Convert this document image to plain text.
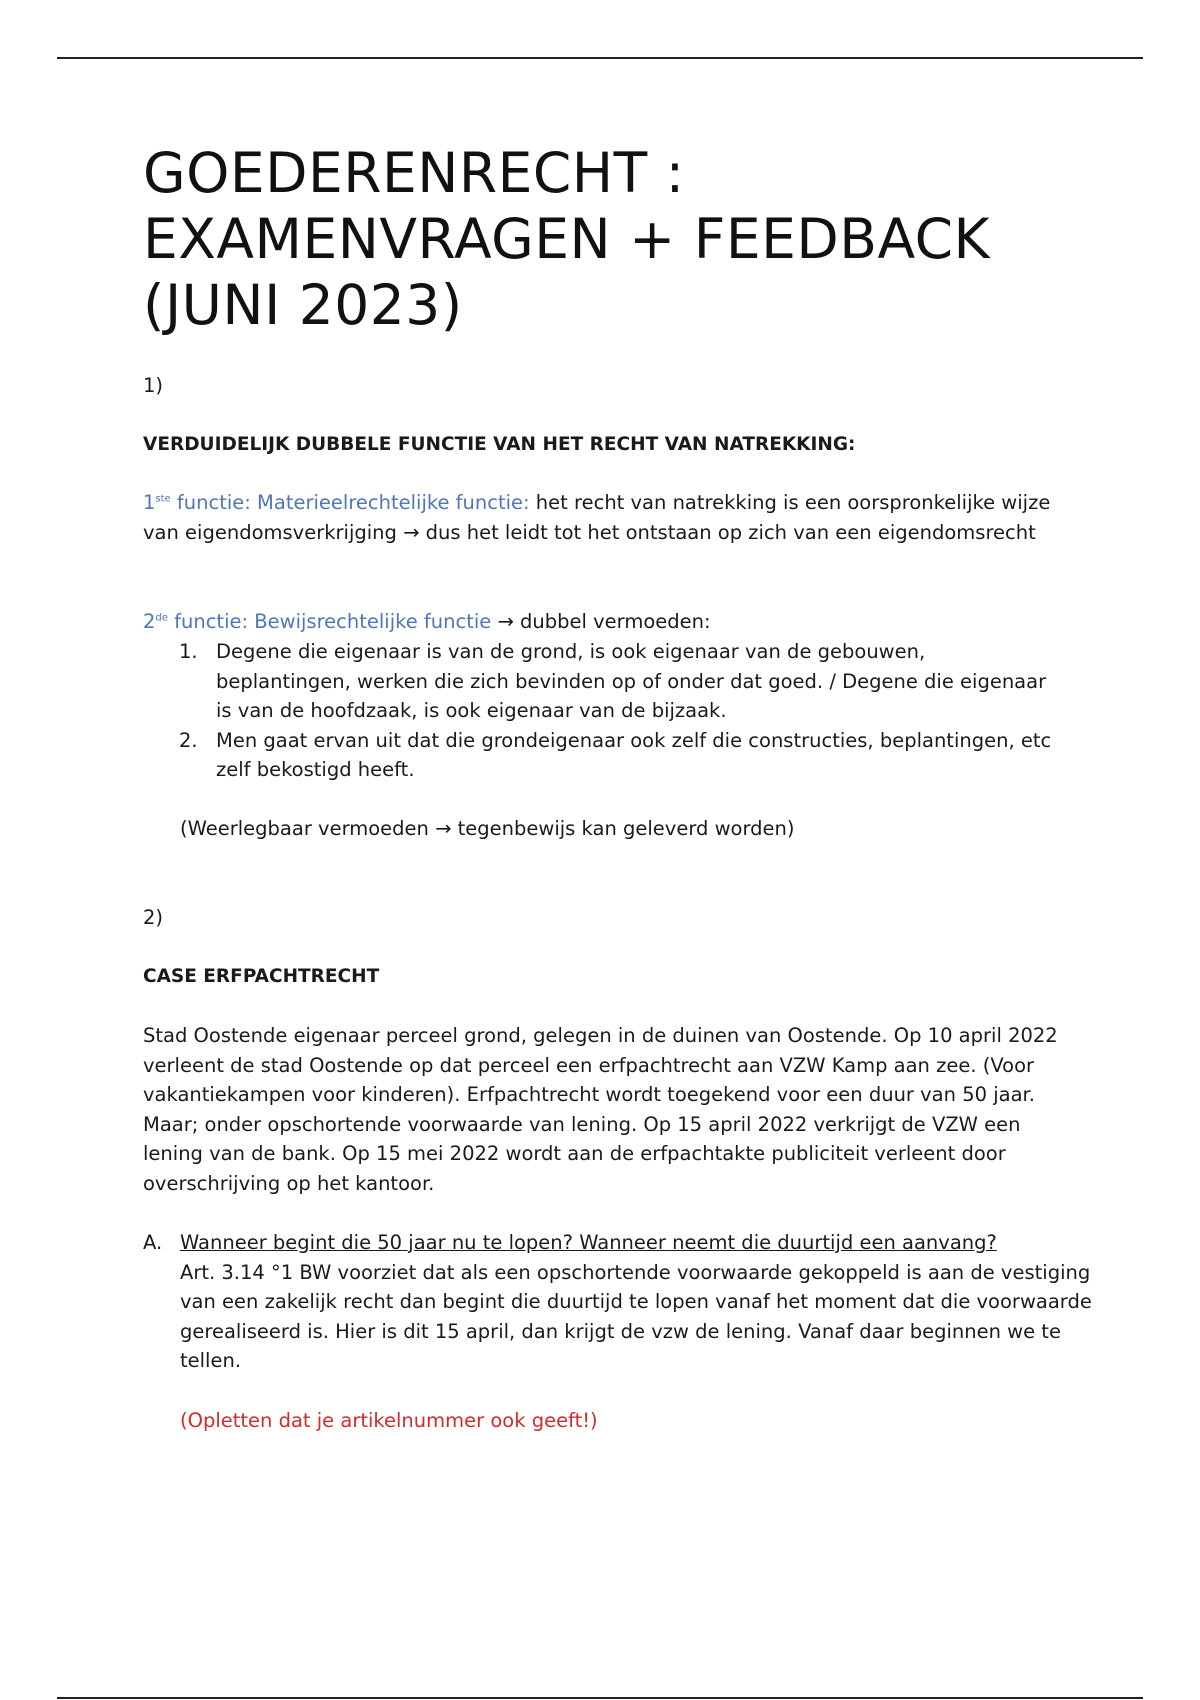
GOEDERENRECHT :
EXAMENVRAGEN + FEEDBACK
(JUNI 2023)

1)

VERDUIDELIJK DUBBELE FUNCTIE VAN HET RECHT VAN NATREKKING:

1ste functie: Materieelrechtelijke functie: het recht van natrekking is een oorspronkelijke wijze van eigendomsverkrijging → dus het leidt tot het ontstaan op zich van een eigendomsrecht

2de functie: Bewijsrechtelijke functie → dubbel vermoeden:

1. Degene die eigenaar is van de grond, is ook eigenaar van de gebouwen, beplantingen, werken die zich bevinden op of onder dat goed. / Degene die eigenaar is van de hoofdzaak, is ook eigenaar van de bijzaak.
2. Men gaat ervan uit dat die grondeigenaar ook zelf die constructies, beplantingen, etc zelf bekostigd heeft.

(Weerlegbaar vermoeden → tegenbewijs kan geleverd worden)

2)

CASE ERFPACHTRECHT

Stad Oostende eigenaar perceel grond, gelegen in de duinen van Oostende. Op 10 april 2022 verleent de stad Oostende op dat perceel een erfpachtrecht aan VZW Kamp aan zee. (Voor vakantiekampen voor kinderen). Erfpachtrecht wordt toegekend voor een duur van 50 jaar. Maar; onder opschortende voorwaarde van lening. Op 15 april 2022 verkrijgt de VZW een lening van de bank. Op 15 mei 2022 wordt aan de erfpachtakte publiciteit verleent door overschrijving op het kantoor.

A. Wanneer begint die 50 jaar nu te lopen? Wanneer neemt die duurtijd een aanvang?

Art. 3.14 °1 BW voorziet dat als een opschortende voorwaarde gekoppeld is aan de vestiging van een zakelijk recht dan begint die duurtijd te lopen vanaf het moment dat die voorwaarde gerealiseerd is. Hier is dit 15 april, dan krijgt de vzw de lening. Vanaf daar beginnen we te tellen.

(Opletten dat je artikelnummer ook geeft!)
